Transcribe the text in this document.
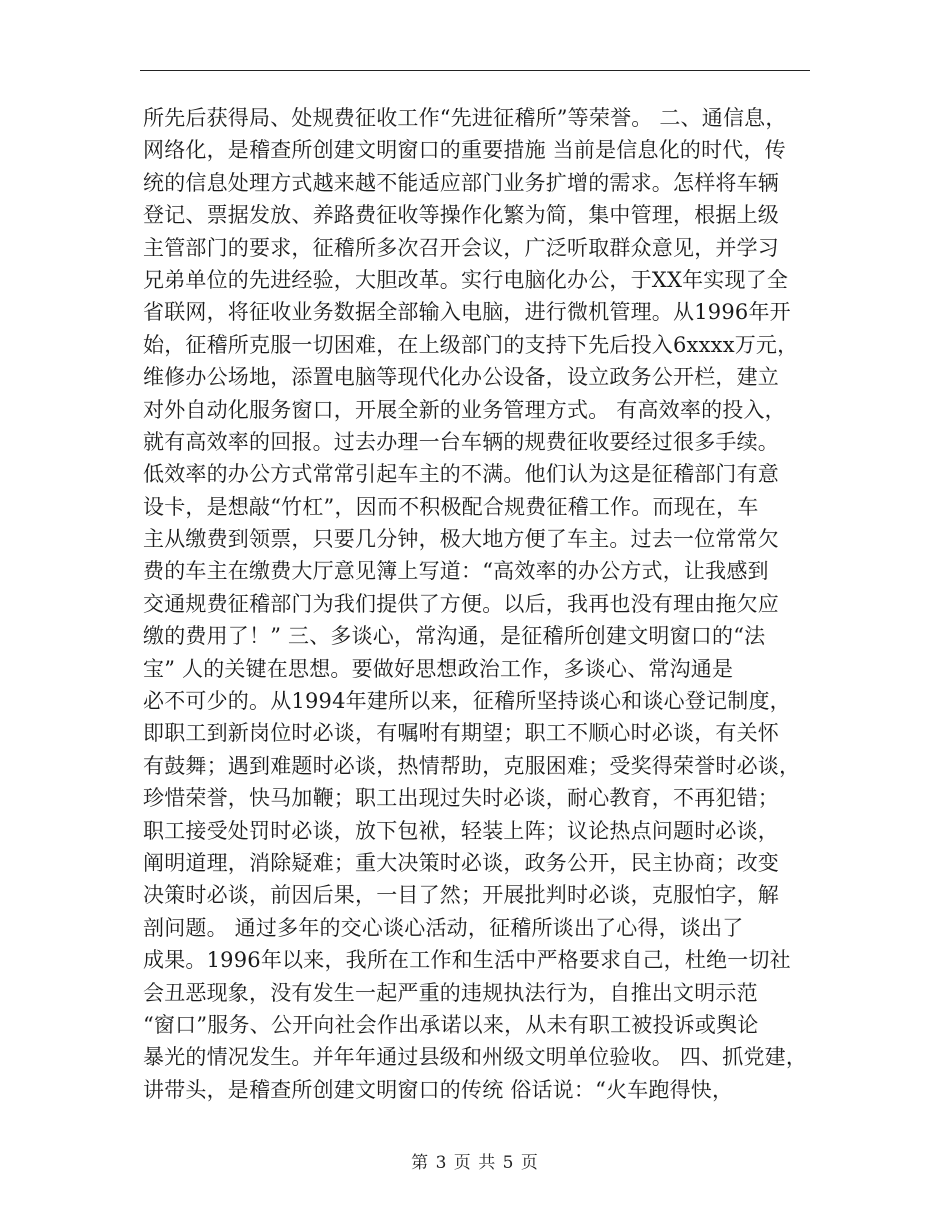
所先后获得局、处规费征收工作“先进征稽所”等荣誉。 二、通信息，
网络化，是稽查所创建文明窗口的重要措施 当前是信息化的时代，传
统的信息处理方式越来越不能适应部门业务扩增的需求。怎样将车辆
登记、票据发放、养路费征收等操作化繁为简，集中管理，根据上级
主管部门的要求，征稽所多次召开会议，广泛听取群众意见，并学习
兄弟单位的先进经验，大胆改革。实行电脑化办公，于XX年实现了全
省联网，将征收业务数据全部输入电脑，进行微机管理。从1996年开
始，征稽所克服一切困难，在上级部门的支持下先后投入6xxxx万元，
维修办公场地，添置电脑等现代化办公设备，设立政务公开栏，建立
对外自动化服务窗口，开展全新的业务管理方式。 有高效率的投入，
就有高效率的回报。过去办理一台车辆的规费征收要经过很多手续。
低效率的办公方式常常引起车主的不满。他们认为这是征稽部门有意
设卡，是想敲“竹杠”，因而不积极配合规费征稽工作。而现在，车
主从缴费到领票，只要几分钟，极大地方便了车主。过去一位常常欠
费的车主在缴费大厅意见簿上写道：“高效率的办公方式，让我感到
交通规费征稽部门为我们提供了方便。以后，我再也没有理由拖欠应
缴的费用了！” 三、多谈心，常沟通，是征稽所创建文明窗口的“法
宝” 人的关键在思想。要做好思想政治工作，多谈心、常沟通是
必不可少的。从1994年建所以来，征稽所坚持谈心和谈心登记制度，
即职工到新岗位时必谈，有嘱咐有期望；职工不顺心时必谈，有关怀
有鼓舞；遇到难题时必谈，热情帮助，克服困难；受奖得荣誉时必谈，
珍惜荣誉，快马加鞭；职工出现过失时必谈，耐心教育，不再犯错；
职工接受处罚时必谈，放下包袱，轻装上阵；议论热点问题时必谈，
阐明道理，消除疑难；重大决策时必谈，政务公开，民主协商；改变
决策时必谈，前因后果，一目了然；开展批判时必谈，克服怕字，解
剖问题。 通过多年的交心谈心活动，征稽所谈出了心得，谈出了
成果。1996年以来，我所在工作和生活中严格要求自己，杜绝一切社
会丑恶现象，没有发生一起严重的违规执法行为，自推出文明示范
“窗口”服务、公开向社会作出承诺以来，从未有职工被投诉或舆论
暴光的情况发生。并年年通过县级和州级文明单位验收。 四、抓党建，
讲带头，是稽查所创建文明窗口的传统 俗话说：“火车跑得快，
第 3 页 共 5 页
